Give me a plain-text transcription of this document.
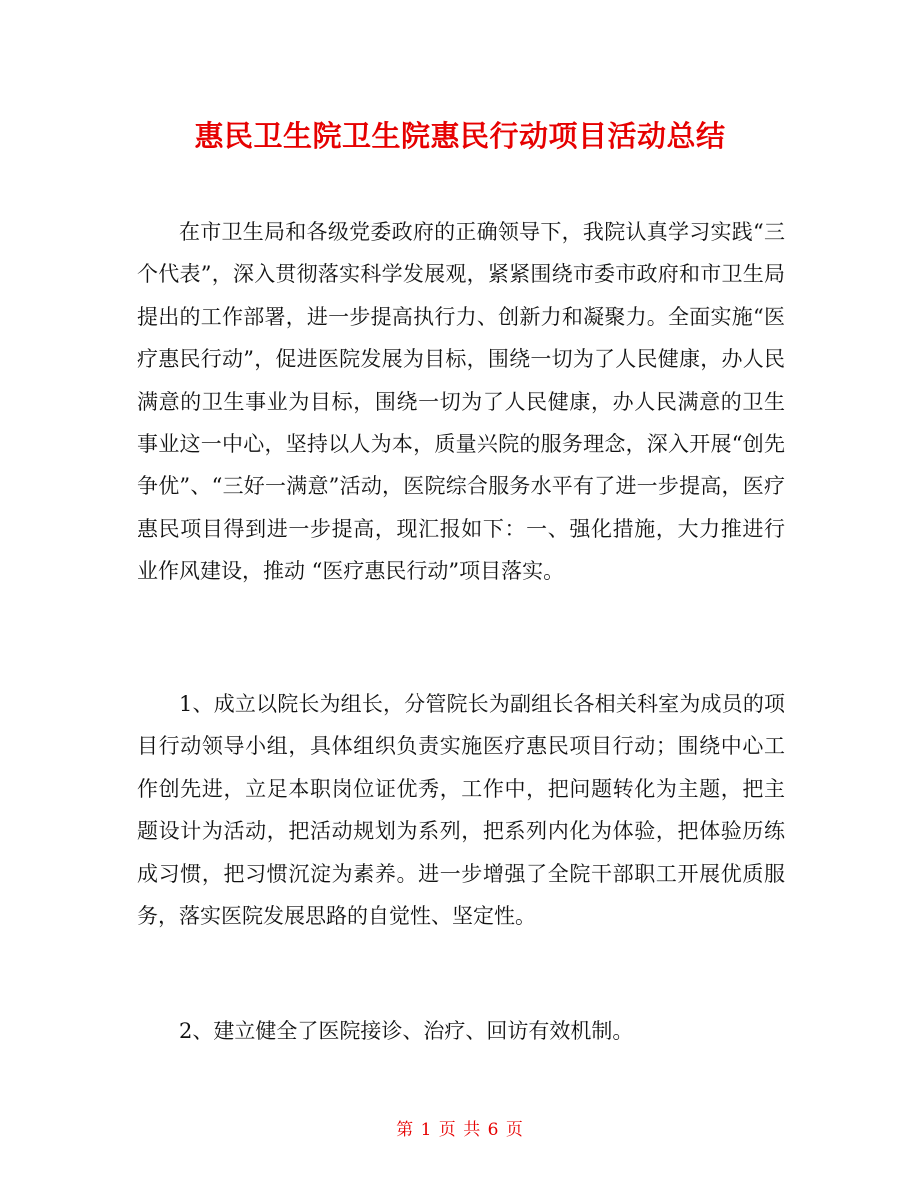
惠民卫生院卫生院惠民行动项目活动总结

在市卫生局和各级党委政府的正确领导下，我院认真学习实践“三个代表”，深入贯彻落实科学发展观，紧紧围绕市委市政府和市卫生局提出的工作部署，进一步提高执行力、创新力和凝聚力。全面实施“医疗惠民行动”，促进医院发展为目标，围绕一切为了人民健康，办人民满意的卫生事业为目标，围绕一切为了人民健康，办人民满意的卫生事业这一中心，坚持以人为本，质量兴院的服务理念，深入开展“创先争优”、“三好一满意”活动，医院综合服务水平有了进一步提高，医疗惠民项目得到进一步提高，现汇报如下：一、强化措施，大力推进行业作风建设，推动 “医疗惠民行动”项目落实。

1、成立以院长为组长，分管院长为副组长各相关科室为成员的项目行动领导小组，具体组织负责实施医疗惠民项目行动；围绕中心工作创先进，立足本职岗位证优秀，工作中，把问题转化为主题，把主题设计为活动，把活动规划为系列，把系列内化为体验，把体验历练成习惯，把习惯沉淀为素养。进一步增强了全院干部职工开展优质服务，落实医院发展思路的自觉性、坚定性。

2、建立健全了医院接诊、治疗、回访有效机制。

第 1 页 共 6 页
